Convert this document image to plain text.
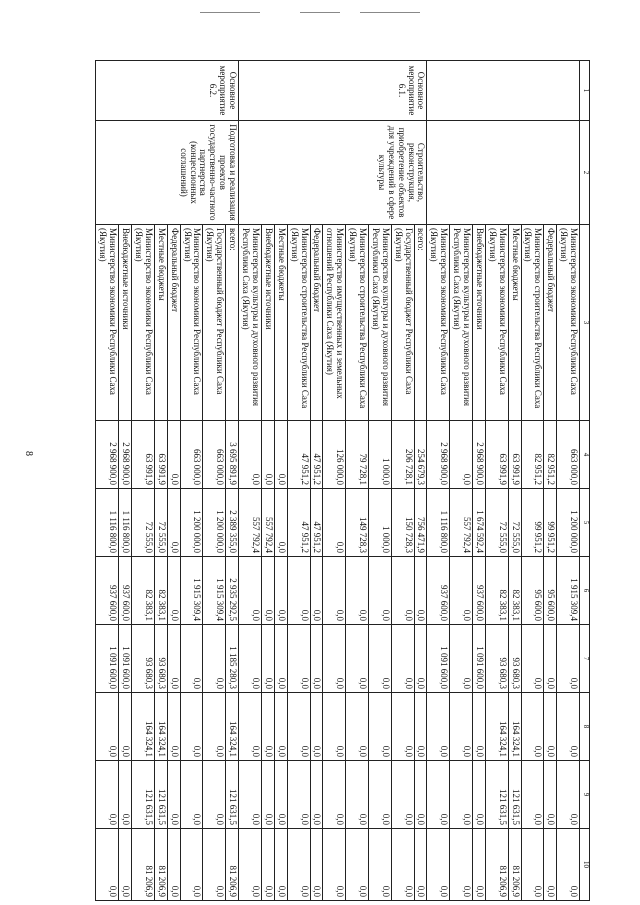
8
1	2	3	4	5	6	7	8	9	10
		Министерство экономики Республики Саха (Якутия)	663 000,0	1 200 000,0	1 915 309,4	0,0	0,0	0,0	0,0
		Федеральный бюджет	82 951,2	99 951,2	95 600,0	0,0	0,0	0,0	0,0
		Министерство строительства Республики Саха (Якутия)	82 951,2	99 951,2	95 600,0	0,0	0,0	0,0	0,0
		Местные бюджеты	63 991,9	72 555,0	82 383,1	93 680,3	164 324,1	121 631,5	81 206,9
		Министерство экономики Республики Саха (Якутия)	63 991,9	72 555,0	82 383,1	93 680,3	164 324,1	121 631,5	81 206,9
		Внебюджетные источники	2 968 900,0	1 674 592,4	937 600,0	1 091 600,0	0,0	0,0	0,0
		Министерство культуры и духовного развития Республики Саха (Якутия)	0,0	557 792,4	0,0	0,0	0,0	0,0	0,0
		Министерство экономики Республики Саха (Якутия)	2 968 900,0	1 116 800,0	937 600,0	1 091 600,0	0,0	0,0	0,0
Основное мероприятие 6.1.	Строительство, реконструкция, приобретение объектов для учреждений в сфере культуры	всего:	254 679,3	756 471,9	0,0	0,0	0,0	0,0	0,0
		Государственный бюджет Республики Саха (Якутия)	206 728,1	150 728,3	0,0	0,0	0,0	0,0	0,0
		Министерство культуры и духовного развития Республики Саха (Якутия)	1 000,0	1 000,0	0,0	0,0	0,0	0,0	0,0
		Министерство строительства Республики Саха (Якутия)	79 728,1	149 728,3	0,0	0,0	0,0	0,0	0,0
		Министерство имущественных и земельных отношений Республики Саха (Якутия)	126 000,0	0,0	0,0	0,0	0,0	0,0	0,0
		Федеральный бюджет	47 951,2	47 951,2	0,0	0,0	0,0	0,0	0,0
		Министерство строительства Республики Саха (Якутия)	47 951,2	47 951,2	0,0	0,0	0,0	0,0	0,0
		Местные бюджеты	0,0	0,0	0,0	0,0	0,0	0,0	0,0
		Внебюджетные источники	0,0	557 792,4	0,0	0,0	0,0	0,0	0,0
		Министерство культуры и духовного развития Республики Саха (Якутия)	0,0	557 792,4	0,0	0,0	0,0	0,0	0,0
Основное мероприятие 6.2.	Подготовка и реализация проектов государственно-частного партнерства (концессионных соглашений)	всего:	3 695 891,9	2 389 355,0	2 935 292,5	1 185 280,3	164 324,1	121 631,5	81 206,9
		Государственный бюджет Республики Саха (Якутия)	663 000,0	1 200 000,0	1 915 309,4	0,0	0,0	0,0	0,0
		Министерство экономики Республики Саха (Якутия)	663 000,0	1 200 000,0	1 915 309,4	0,0	0,0	0,0	0,0
		Федеральный бюджет	0,0	0,0	0,0	0,0	0,0	0,0	0,0
		Местные бюджеты	63 991,9	72 555,0	82 383,1	93 680,3	164 324,1	121 631,5	81 206,9
		Министерство экономики Республики Саха (Якутия)	63 991,9	72 555,0	82 383,1	93 680,3	164 324,1	121 631,5	81 206,9
		Внебюджетные источники	2 968 900,0	1 116 800,0	937 600,0	1 091 600,0	0,0	0,0	0,0
		Министерство экономики Республики Саха (Якутия)	2 968 900,0	1 116 800,0	937 600,0	1 091 600,0	0,0	0,0	0,0
